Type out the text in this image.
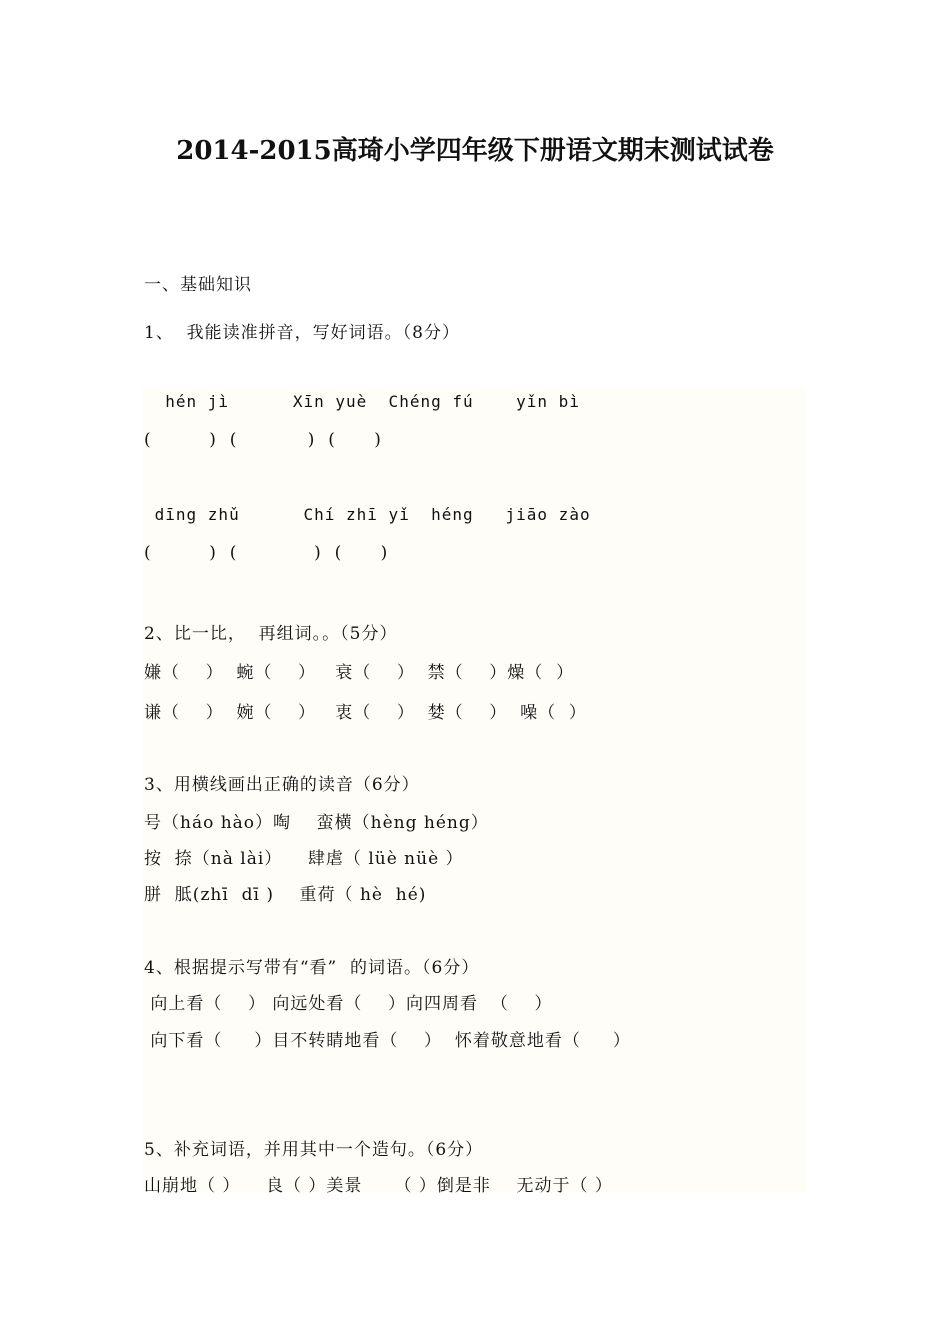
2014-2015高琦小学四年级下册语文期末测试试卷
一、基础知识
1、  我能读准拼音，写好词语。（8分）
hén jì      Xīn yuè  Chéng fú    yǐn bì
(         )  (           )  (      )
dīng zhǔ      Chí zhī yǐ  héng   jiāo zào
(         )  (            )  (      )
2、比一比，  再组词。。（5分）
嫌（    ）  蜿（    ）   衰（    ）  禁（    ）燥（  ）
谦（    ）  婉（    ）   衷（    ）  婪（    ）  噪（  ）
3、用横线画出正确的读音（6分）
号（háo hào）啕    蛮横（hèng héng）
按  捺（nà lài）    肆虐（ lüè nüè ）
胼  胝(zhī  dī )    重荷（ hè  hé)
4、根据提示写带有“看”  的词语。（6分）
向上看（    ） 向远处看（    ）向四周看  （    ）
向下看（     ）目不转睛地看（    ）  怀着敬意地看（     ）
5、补充词语，并用其中一个造句。（6分）
山崩地（ ）    良（ ）美景     （ ）倒是非    无动于（ ）
